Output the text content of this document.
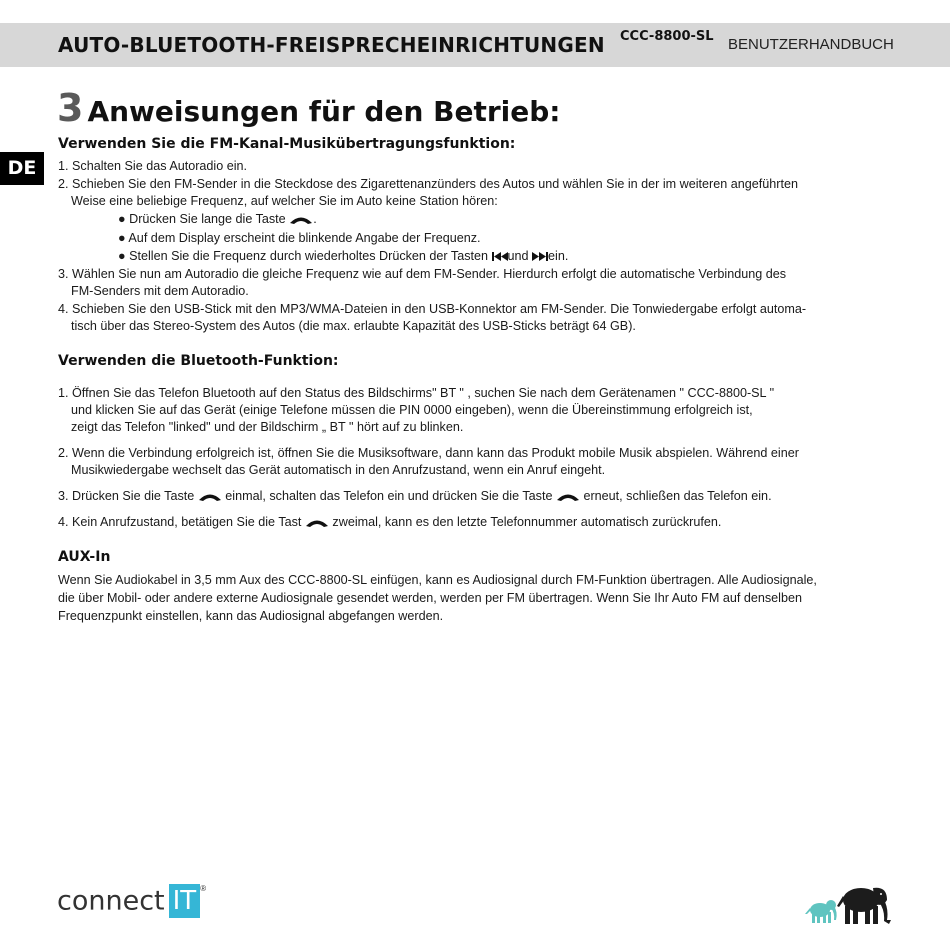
AUTO-BLUETOOTH-FREISPRECHEINRICHTUNGEN CCC-8800-SL BENUTZERHANDBUCH
DE
3 Anweisungen für den Betrieb:
Verwenden Sie die FM-Kanal-Musikübertragungsfunktion:
1. Schalten Sie das Autoradio ein.
2. Schieben Sie den FM-Sender in die Steckdose des Zigarettenanzünders des Autos und wählen Sie in der im weiteren angeführten
Weise eine beliebige Frequenz, auf welcher Sie im Auto keine Station hören:
● Drücken Sie lange die Taste .
● Auf dem Display erscheint die blinkende Angabe der Frequenz.
● Stellen Sie die Frequenz durch wiederholtes Drücken der Tasten und ein.
3. Wählen Sie nun am Autoradio die gleiche Frequenz wie auf dem FM-Sender. Hierdurch erfolgt die automatische Verbindung des
FM-Senders mit dem Autoradio.
4. Schieben Sie den USB-Stick mit den MP3/WMA-Dateien in den USB-Konnektor am FM-Sender. Die Tonwiedergabe erfolgt automa-
tisch über das Stereo-System des Autos (die max. erlaubte Kapazität des USB-Sticks beträgt 64 GB).
Verwenden die Bluetooth-Funktion:
1. Öffnen Sie das Telefon Bluetooth auf den Status des Bildschirms" BT " , suchen Sie nach dem Gerätenamen " CCC-8800-SL "
und klicken Sie auf das Gerät (einige Telefone müssen die PIN 0000 eingeben), wenn die Übereinstimmung erfolgreich ist,
zeigt das Telefon "linked" und der Bildschirm „ BT " hört auf zu blinken.
2. Wenn die Verbindung erfolgreich ist, öffnen Sie die Musiksoftware, dann kann das Produkt mobile Musik abspielen. Während einer
Musikwiedergabe wechselt das Gerät automatisch in den Anrufzustand, wenn ein Anruf eingeht.
3. Drücken Sie die Taste einmal, schalten das Telefon ein und drücken Sie die Taste erneut, schließen das Telefon ein.
4. Kein Anrufzustand, betätigen Sie die Tast zweimal, kann es den letzte Telefonnummer automatisch zurückrufen.
AUX-In
Wenn Sie Audiokabel in 3,5 mm Aux des CCC-8800-SL einfügen, kann es Audiosignal durch FM-Funktion übertragen. Alle Audiosignale,
die über Mobil- oder andere externe Audiosignale gesendet werden, werden per FM übertragen. Wenn Sie Ihr Auto FM auf denselben
Frequenzpunkt einstellen, kann das Audiosignal abgefangen werden.
connect IT ®
